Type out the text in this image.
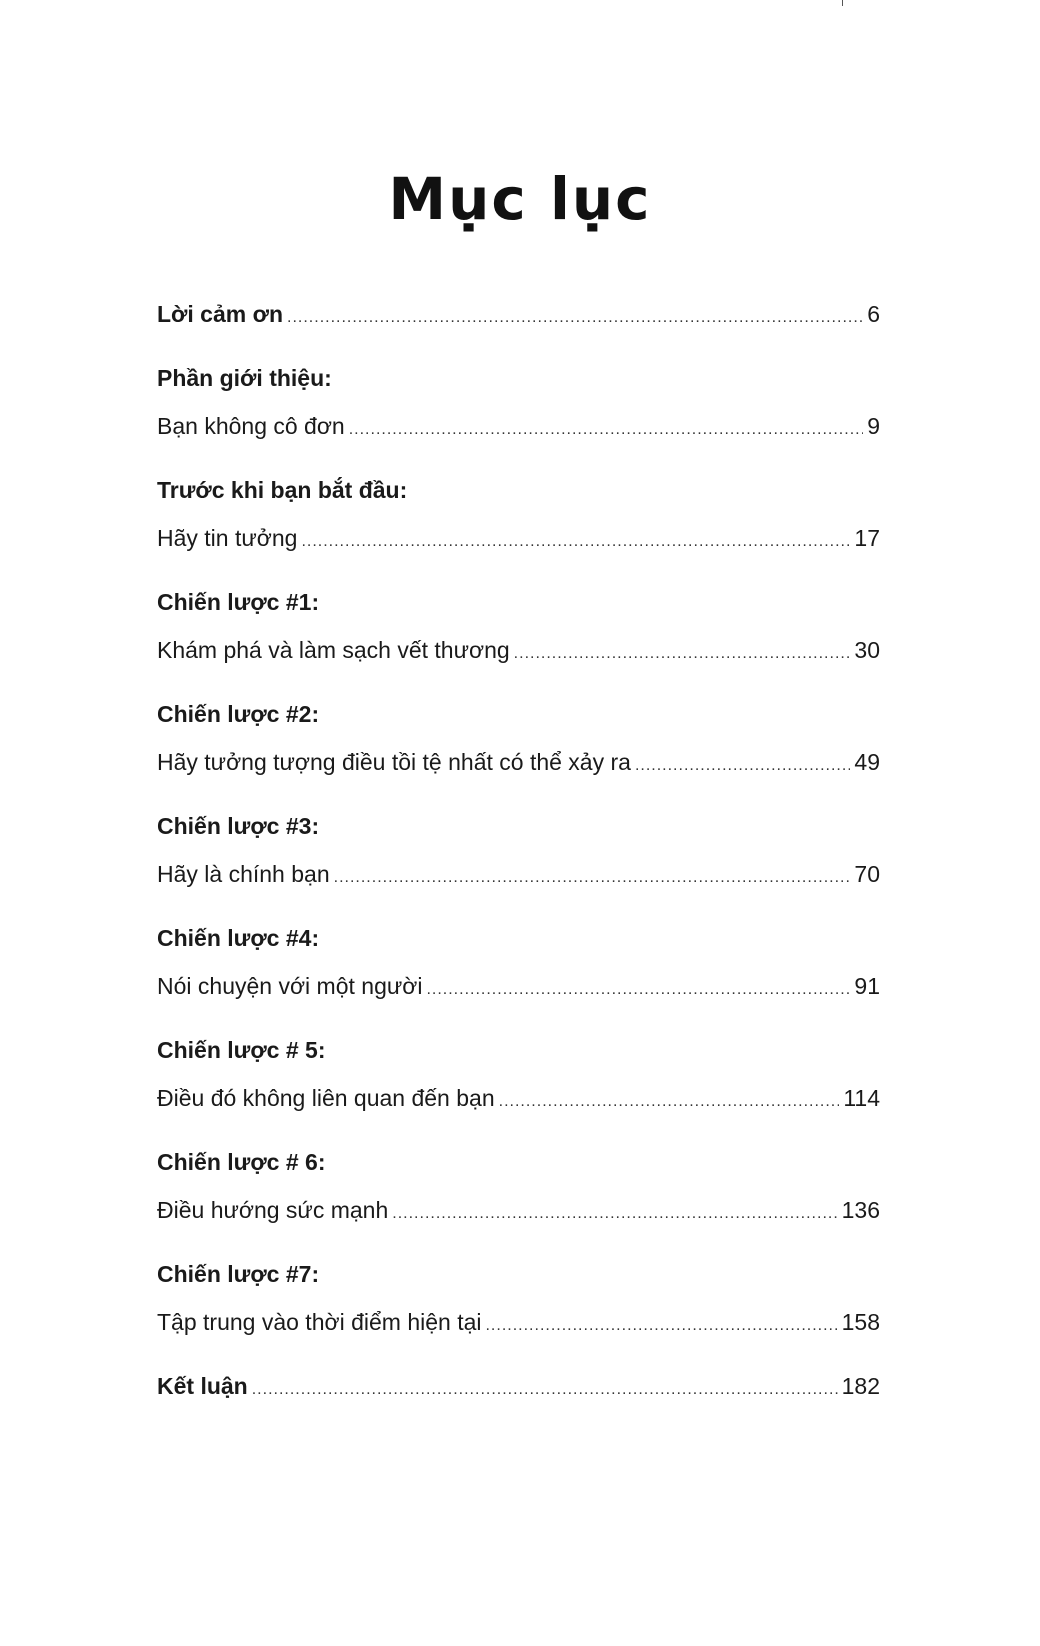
Mục lục
Lời cảm ơn .....	6
Phần giới thiệu:
Bạn không cô đơn .....	9
Trước khi bạn bắt đầu:
Hãy tin tưởng .....	17
Chiến lược #1:
Khám phá và làm sạch vết thương .....	30
Chiến lược #2:
Hãy tưởng tượng điều tồi tệ nhất có thể xảy ra .....	49
Chiến lược #3:
Hãy là chính bạn .....	70
Chiến lược #4:
Nói chuyện với một người .....	91
Chiến lược # 5:
Điều đó không liên quan đến bạn .....	114
Chiến lược # 6:
Điều hướng sức mạnh .....	136
Chiến lược #7:
Tập trung vào thời điểm hiện tại .....	158
Kết luận .....	182
